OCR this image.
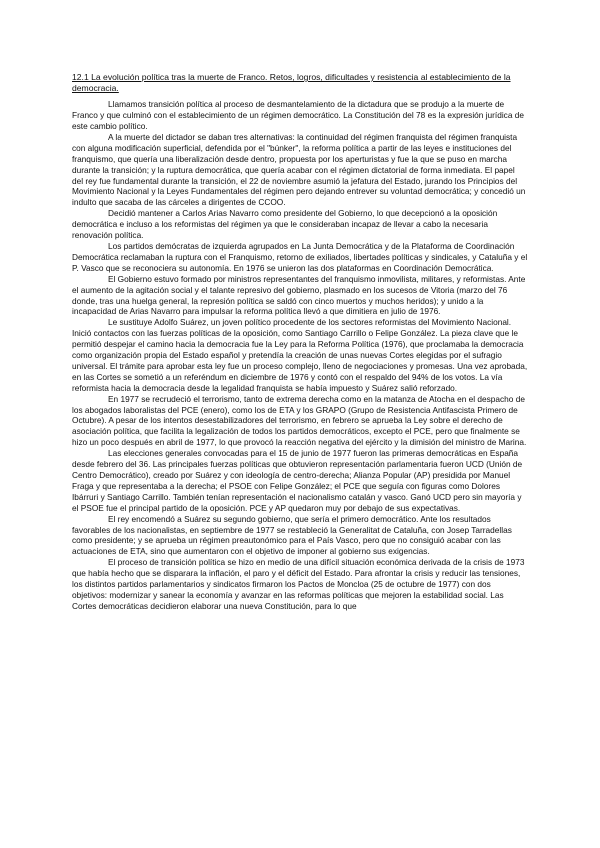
12.1 La evolución política tras la muerte de Franco. Retos, logros, dificultades y resistencia al establecimiento de la democracia.

Llamamos transición política al proceso de desmantelamiento de la dictadura que se produjo a la muerte de Franco y que culminó con el establecimiento de un régimen democrático. La Constitución del 78 es la expresión jurídica de este cambio político.

A la muerte del dictador se daban tres alternativas: la continuidad del régimen franquista del régimen franquista con alguna modificación superficial, defendida por el "búnker", la reforma política a partir de las leyes e instituciones del franquismo, que quería una liberalización desde dentro, propuesta por los aperturistas y fue la que se puso en marcha durante la transición; y la ruptura democrática, que quería acabar con el régimen dictatorial de forma inmediata. El papel del rey fue fundamental durante la transición, el 22 de noviembre asumió la jefatura del Estado, jurando los Principios del Movimiento Nacional y la Leyes Fundamentales del régimen pero dejando entrever su voluntad democrática; y concedió un indulto que sacaba de las cárceles a dirigentes de CCOO.

Decidió mantener a Carlos Arias Navarro como presidente del Gobierno, lo que decepcionó a la oposición democrática e incluso a los reformistas del régimen ya que le consideraban incapaz de llevar a cabo la necesaria renovación política.

Los partidos demócratas de izquierda agrupados en La Junta Democrática y de la Plataforma de Coordinación Democrática reclamaban la ruptura con el Franquismo, retorno de exiliados, libertades políticas y sindicales, y Cataluña y el P. Vasco que se reconociera su autonomía. En 1976 se unieron las dos plataformas en Coordinación Democrática.

El Gobierno estuvo formado por ministros representantes del franquismo inmovilista, militares, y reformistas. Ante el aumento de la agitación social y el talante represivo del gobierno, plasmado en los sucesos de Vitoria (marzo del 76 donde, tras una huelga general, la represión política se saldó con cinco muertos y muchos heridos); y unido a la incapacidad de Arias Navarro para impulsar la reforma política llevó a que dimitiera en julio de 1976.

Le sustituye Adolfo Suárez, un joven político procedente de los sectores reformistas del Movimiento Nacional. Inició contactos con las fuerzas políticas de la oposición, como Santiago Carrillo o Felipe González. La pieza clave que le permitió despejar el camino hacia la democracia fue la Ley para la Reforma Política (1976), que proclamaba la democracia como organización propia del Estado español y pretendía la creación de unas nuevas Cortes elegidas por el sufragio universal. El trámite para aprobar esta ley fue un proceso complejo, lleno de negociaciones y promesas. Una vez aprobada, en las Cortes se sometió a un referéndum en diciembre de 1976 y contó con el respaldo del 94% de los votos. La vía reformista hacia la democracia desde la legalidad franquista se había impuesto y Suárez salió reforzado.

En 1977 se recrudeció el terrorismo, tanto de extrema derecha como en la matanza de Atocha en el despacho de los abogados laboralistas del PCE (enero), como los de ETA y los GRAPO (Grupo de Resistencia Antifascista Primero de Octubre). A pesar de los intentos desestabilizadores del terrorismo, en febrero se aprueba la Ley sobre el derecho de asociación política, que facilita la legalización de todos los partidos democráticos, excepto el PCE, pero que finalmente se hizo un poco después en abril de 1977, lo que provocó la reacción negativa del ejército y la dimisión del ministro de Marina.

Las elecciones generales convocadas para el 15 de junio de 1977 fueron las primeras democráticas en España desde febrero del 36. Las principales fuerzas políticas que obtuvieron representación parlamentaria fueron UCD (Unión de Centro Democrático), creado por Suárez y con ideología de centro-derecha; Alianza Popular (AP) presidida por Manuel Fraga y que representaba a la derecha; el PSOE con Felipe González; el PCE que seguía con figuras como Dolores Ibárruri y Santiago Carrillo. También tenían representación el nacionalismo catalán y vasco. Ganó UCD pero sin mayoría y el PSOE fue el principal partido de la oposición. PCE y AP quedaron muy por debajo de sus expectativas.

El rey encomendó a Suárez su segundo gobierno, que sería el primero democrático. Ante los resultados favorables de los nacionalistas, en septiembre de 1977 se restableció la Generalitat de Cataluña, con Josep Tarradellas como presidente; y se aprueba un régimen preautonómico para el País Vasco, pero que no consiguió acabar con las actuaciones de ETA, sino que aumentaron con el objetivo de imponer al gobierno sus exigencias.

El proceso de transición política se hizo en medio de una difícil situación económica derivada de la crisis de 1973 que había hecho que se disparara la inflación, el paro y el déficit del Estado. Para afrontar la crisis y reducir las tensiones, los distintos partidos parlamentarios y sindicatos firmaron los Pactos de Moncloa (25 de octubre de 1977) con dos objetivos: modernizar y sanear la economía y avanzar en las reformas políticas que mejoren la estabilidad social. Las Cortes democráticas decidieron elaborar una nueva Constitución, para lo que
